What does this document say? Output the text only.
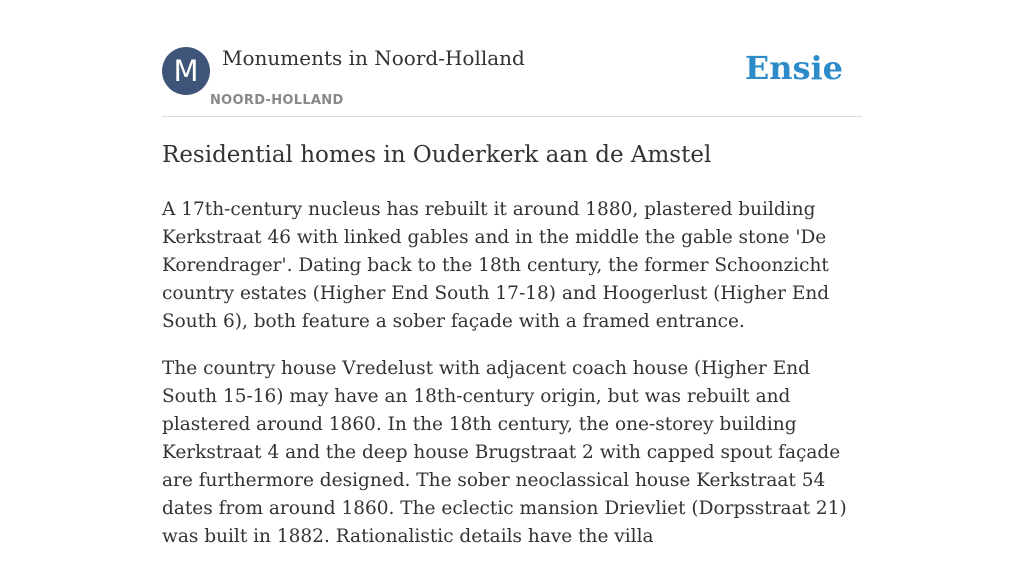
M	Monuments in Noord-Holland
NOORD-HOLLAND
Ensie
Residential homes in Ouderkerk aan de Amstel

A 17th-century nucleus has rebuilt it around 1880, plastered building Kerkstraat 46 with linked gables and in the middle the gable stone 'De Korendrager'. Dating back to the 18th century, the former Schoonzicht country estates (Higher End South 17-18) and Hoogerlust (Higher End South 6), both feature a sober façade with a framed entrance.

The country house Vredelust with adjacent coach house (Higher End South 15-16) may have an 18th-century origin, but was rebuilt and plastered around 1860. In the 18th century, the one-storey building Kerkstraat 4 and the deep house Brugstraat 2 with capped spout façade are furthermore designed. The sober neoclassical house Kerkstraat 54 dates from around 1860. The eclectic mansion Drievliet (Dorpsstraat 21) was built in 1882. Rationalistic details have the villa
